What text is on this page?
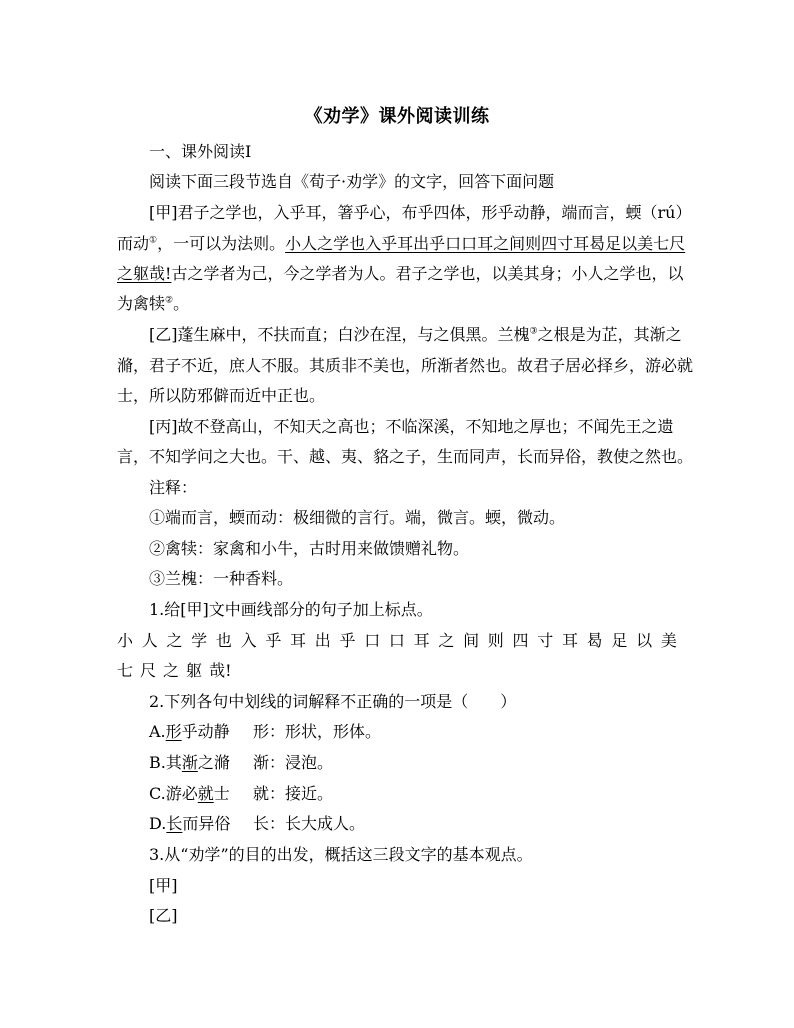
《劝学》课外阅读训练
一、课外阅读Ⅰ
阅读下面三段节选自《荀子·劝学》的文字，回答下面问题
[甲]君子之学也，入乎耳，箸乎心，布乎四体，形乎动静，端而言，蝡（rú）
而动①，一可以为法则。小人之学也入乎耳出乎口口耳之间则四寸耳曷足以美七尺
之躯哉!古之学者为己，今之学者为人。君子之学也，以美其身；小人之学也，以
为禽犊②。
[乙]蓬生麻中，不扶而直；白沙在涅，与之俱黑。兰槐③之根是为芷，其渐之
滫，君子不近，庶人不服。其质非不美也，所渐者然也。故君子居必择乡，游必就
士，所以防邪僻而近中正也。
[丙]故不登高山，不知天之高也；不临深溪，不知地之厚也；不闻先王之遗
言，不知学问之大也。干、越、夷、貉之子，生而同声，长而异俗，教使之然也。
注释：
①端而言，蝡而动：极细微的言行。端，微言。蝡，微动。
②禽犊：家禽和小牛，古时用来做馈赠礼物。
③兰槐：一种香料。
1.给[甲]文中画线部分的句子加上标点。
小 人 之 学 也 入 乎 耳 出 乎 口 口 耳 之 间 则 四 寸 耳 曷 足 以 美
七 尺 之 躯 哉!
2.下列各句中划线的词解释不正确的一项是（　　）
A.形乎动静 形：形状，形体。
B.其渐之滫 渐：浸泡。
C.游必就士 就：接近。
D.长而异俗 长：长大成人。
3.从“劝学”的目的出发，概括这三段文字的基本观点。
[甲]
[乙]
